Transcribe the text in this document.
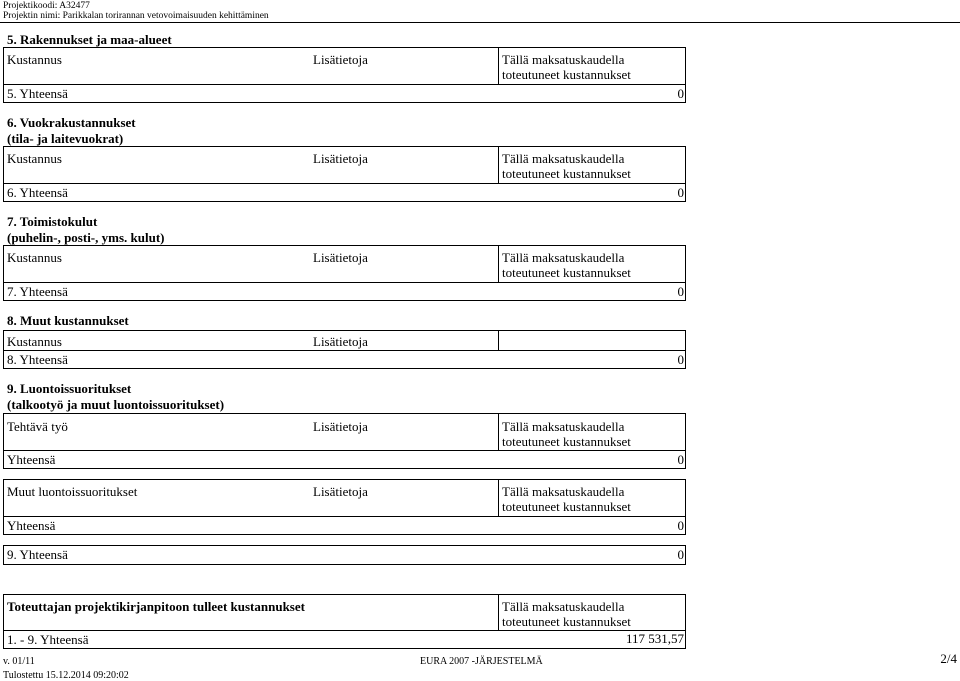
Projektikoodi: A32477
Projektin nimi: Parikkalan torirannan vetovoimaisuuden kehittäminen
5. Rakennukset ja maa-alueet
Kustannus	Lisätietoja	Tällä maksatuskaudella
toteutuneet kustannukset
5. Yhteensä	0
6. Vuokrakustannukset
(tila- ja laitevuokrat)
Kustannus	Lisätietoja	Tällä maksatuskaudella
toteutuneet kustannukset
6. Yhteensä	0
7. Toimistokulut
(puhelin-, posti-, yms. kulut)
Kustannus	Lisätietoja	Tällä maksatuskaudella
toteutuneet kustannukset
7. Yhteensä	0
8. Muut kustannukset
Kustannus	Lisätietoja
8. Yhteensä	0
9. Luontoissuoritukset
(talkootyö ja muut luontoissuoritukset)
Tehtävä työ	Lisätietoja	Tällä maksatuskaudella
toteutuneet kustannukset
Yhteensä	0
Muut luontoissuoritukset	Lisätietoja	Tällä maksatuskaudella
toteutuneet kustannukset
Yhteensä	0
9. Yhteensä	0
Toteuttajan projektikirjanpitoon tulleet kustannukset	Tällä maksatuskaudella
toteutuneet kustannukset
1. - 9. Yhteensä	117 531,57
v. 01/11
Tulostettu 15.12.2014 09:20:02
EURA 2007 -JÄRJESTELMÄ	2/4
